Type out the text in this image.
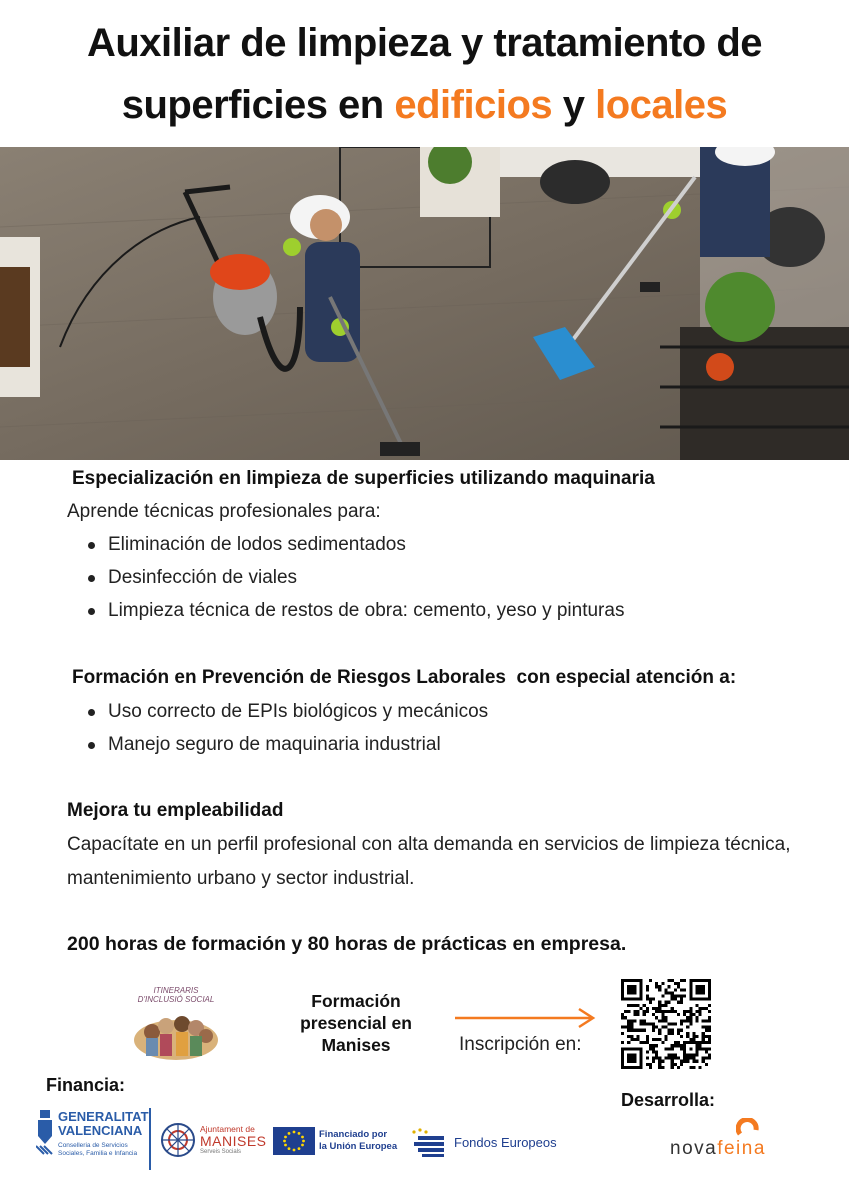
Auxiliar de limpieza y tratamiento de
superficies en edificios y locales
Especialización en limpieza de superficies utilizando maquinaria
Aprende técnicas profesionales para:
Eliminación de lodos sedimentados
Desinfección de viales
Limpieza técnica de restos de obra: cemento, yeso y pinturas
Formación en Prevención de Riesgos Laborales  con especial atención a:
Uso correcto de EPIs biológicos y mecánicos
Manejo seguro de maquinaria industrial
Mejora tu empleabilidad
Capacítate en un perfil profesional con alta demanda en servicios de limpieza técnica,
mantenimiento urbano y sector industrial.
200 horas de formación y 80 horas de prácticas en empresa.
ITINERARIS D'INCLUSIÓ SOCIAL	Formación
presencial en
Manises	Inscripción en:
Financia:
Desarrolla:
GENERALITAT
VALENCIANA
Conselleria de Servicios
Sociales, Familia e Infancia
Ajuntament de
MANISES
Serveis Socials
Financiado por
la Unión Europea	Fondos Europeos	novafeina
